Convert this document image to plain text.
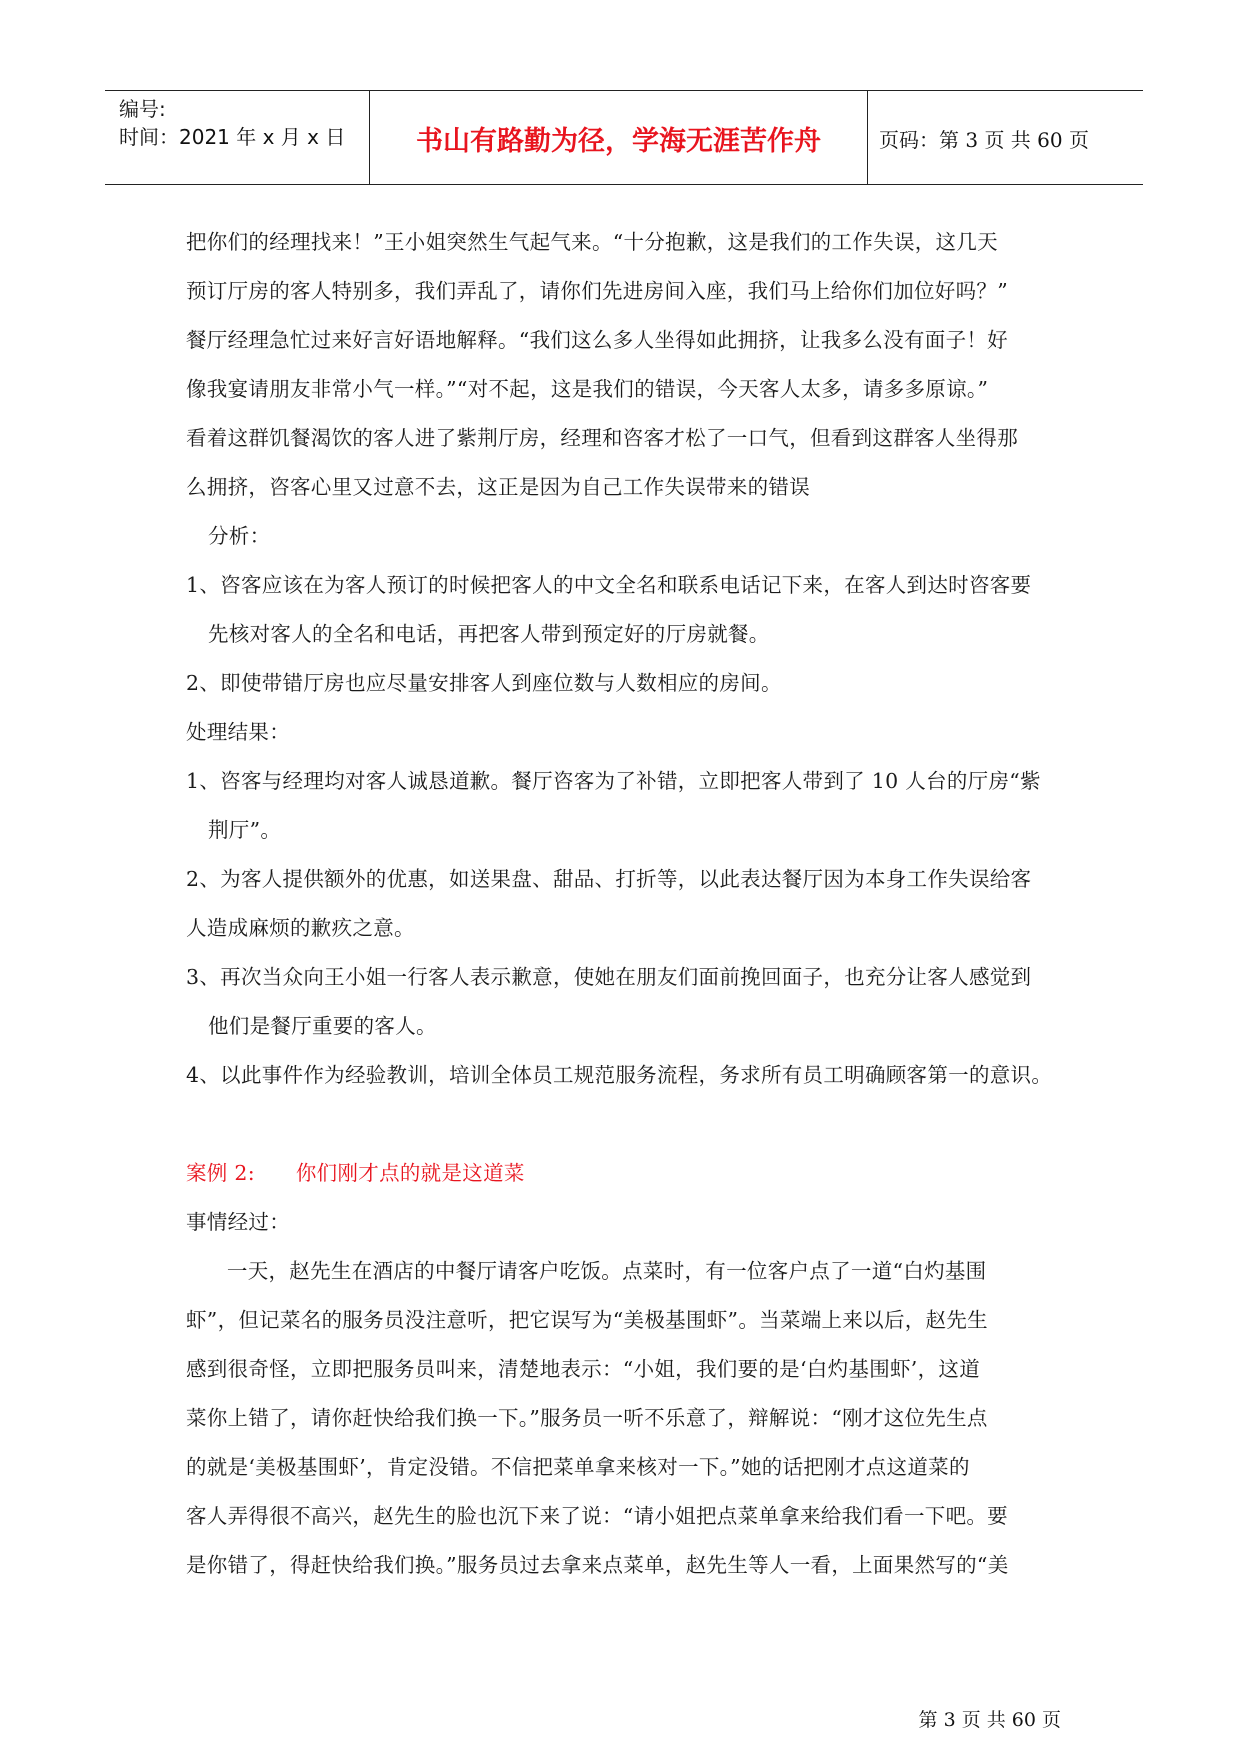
编号:
时间：2021 年 x 月 x 日	书山有路勤为径，学海无涯苦作舟	页码：第 3 页 共 60 页

把你们的经理找来！”王小姐突然生气起气来。“十分抱歉，这是我们的工作失误，这几天

预订厅房的客人特别多，我们弄乱了，请你们先进房间入座，我们马上给你们加位好吗？”

餐厅经理急忙过来好言好语地解释。“我们这么多人坐得如此拥挤，让我多么没有面子！好

像我宴请朋友非常小气一样。”“对不起，这是我们的错误，今天客人太多，请多多原谅。”

看着这群饥餐渴饮的客人进了紫荆厅房，经理和咨客才松了一口气，但看到这群客人坐得那

么拥挤，咨客心里又过意不去，这正是因为自己工作失误带来的错误

分析：

1、咨客应该在为客人预订的时候把客人的中文全名和联系电话记下来，在客人到达时咨客要

先核对客人的全名和电话，再把客人带到预定好的厅房就餐。

2、即使带错厅房也应尽量安排客人到座位数与人数相应的房间。

处理结果：

1、咨客与经理均对客人诚恳道歉。餐厅咨客为了补错，立即把客人带到了 10 人台的厅房“紫

荆厅”。

2、为客人提供额外的优惠，如送果盘、甜品、打折等，以此表达餐厅因为本身工作失误给客

人造成麻烦的歉疚之意。

3、再次当众向王小姐一行客人表示歉意，使她在朋友们面前挽回面子，也充分让客人感觉到

他们是餐厅重要的客人。

4、以此事件作为经验教训，培训全体员工规范服务流程，务求所有员工明确顾客第一的意识。

案例 2:      你们刚才点的就是这道菜

事情经过：

一天，赵先生在酒店的中餐厅请客户吃饭。点菜时，有一位客户点了一道“白灼基围

虾”，但记菜名的服务员没注意听，把它误写为“美极基围虾”。当菜端上来以后，赵先生

感到很奇怪，立即把服务员叫来，清楚地表示：“小姐，我们要的是‘白灼基围虾’，这道

菜你上错了，请你赶快给我们换一下。”服务员一听不乐意了，辩解说：“刚才这位先生点

的就是‘美极基围虾’，肯定没错。不信把菜单拿来核对一下。”她的话把刚才点这道菜的

客人弄得很不高兴，赵先生的脸也沉下来了说：“请小姐把点菜单拿来给我们看一下吧。要

是你错了，得赶快给我们换。”服务员过去拿来点菜单，赵先生等人一看，上面果然写的“美

第 3 页 共 60 页
